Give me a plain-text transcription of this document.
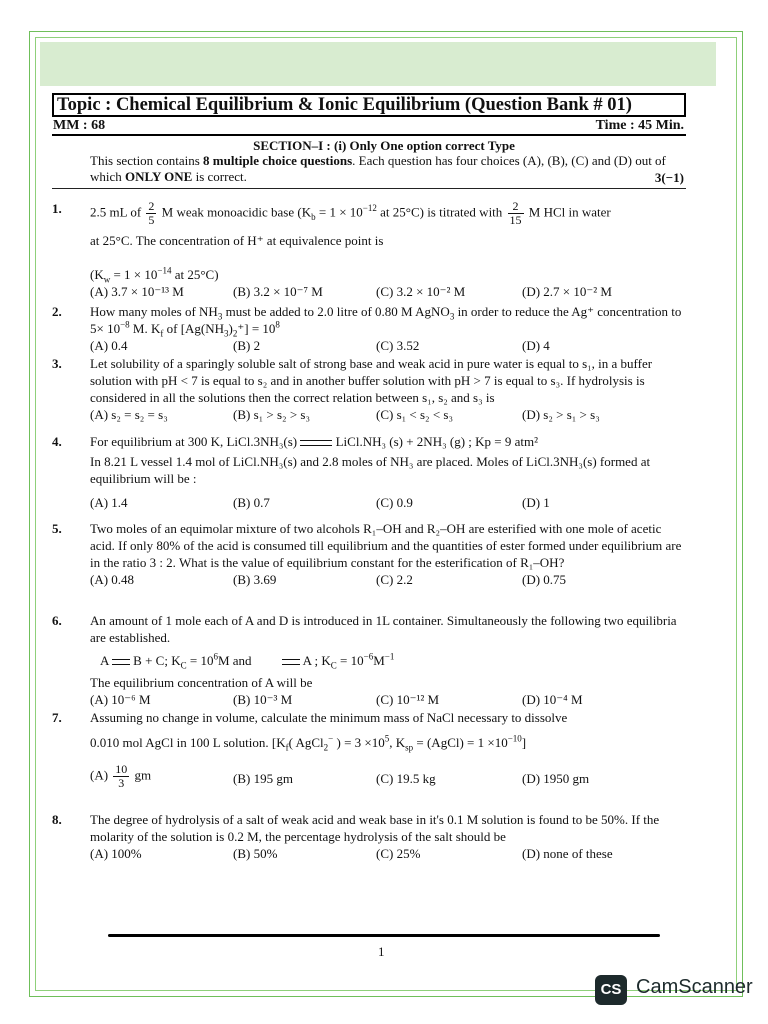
Topic : Chemical Equilibrium & Ionic Equilibrium (Question Bank # 01)
MM : 68	Time : 45 Min.
SECTION–I : (i) Only One option correct Type
This section contains 8 multiple choice questions. Each question has four choices (A), (B), (C) and (D) out of which ONLY ONE is correct.	3(−1)
1. 2.5 mL of $\frac{2}{5}$ M weak monoacidic base ($K_b = 1 \times 10^{-12}$ at 25°C) is titrated with $\frac{2}{15}$ M HCl in water
at 25°C. The concentration of H⁺ at equivalence point is
($K_w = 1 \times 10^{-14}$ at 25°C)
(A) 3.7 × 10⁻¹³ M	(B) 3.2 × 10⁻⁷ M	(C) 3.2 × 10⁻² M	(D) 2.7 × 10⁻² M
2. How many moles of $NH_3$ must be added to 2.0 litre of 0.80 M AgNO$_3$ in order to reduce the Ag⁺ concentration to $5\times 10^{-8}$ M. $K_f$ of $[Ag(NH_3)_2^+] = 10^8$
(A) 0.4	(B) 2	(C) 3.52	(D) 4
3. Let solubility of a sparingly soluble salt of strong base and weak acid in pure water is equal to s₁, in a buffer solution with pH < 7 is equal to s₂ and in another buffer solution with pH > 7 is equal to s₃. If hydrolysis is considered in all the solutions then the correct relation between s₁, s₂ and s₃ is
(A) s₂ = s₂ = s₃	(B) s₁ > s₂ > s₃	(C) s₁ < s₂ < s₃	(D) s₂ > s₁ > s₃
4. For equilibrium at 300 K, LiCl.3NH₃(s)	LiCl.NH₃ (s) + 2NH₃ (g) ; Kp = 9 atm²
In 8.21 L vessel 1.4 mol of LiCl.NH₃(s) and 2.8 moles of NH₃ are placed. Moles of LiCl.3NH₃(s) formed at equilibrium will be :
(A) 1.4	(B) 0.7	(C) 0.9	(D) 1
5. Two moles of an equimolar mixture of two alcohols R₁–OH and R₂–OH are esterified with one mole of acetic acid. If only 80% of the acid is consumed till equilibrium and the quantities of ester formed under equilibrium are in the ratio 3 : 2. What is the value of equilibrium constant for the esterification of R₁–OH?
(A) 0.48	(B) 3.69	(C) 2.2	(D) 0.75
6. An amount of 1 mole each of A and D is introduced in 1L container. Simultaneously the following two equilibria are established.
A B + C; $K_C = 10^6M$ and	A ; $K_C = 10^{-6}M^{-1}$
The equilibrium concentration of A will be
(A) 10⁻⁶ M	(B) 10⁻³ M	(C) 10⁻¹² M	(D) 10⁻⁴ M
7. Assuming no change in volume, calculate the minimum mass of NaCl necessary to dissolve
0.010 mol AgCl in 100 L solution. [$K_f$( AgCl$_2$− ) = $3 \times 10^5$, $K_{sp}$ = (AgCl) = $1 \times 10^{-10}$]
$(A) \frac{10}{3}$ gm	(B) 195 gm	(C) 19.5 kg	(D) 1950 gm
8. The degree of hydrolysis of a salt of weak acid and weak base in it's 0.1 M solution is found to be 50%. If the molarity of the solution is 0.2 M, the percentage hydrolysis of the salt should be
(A) 100%	(B) 50%	(C) 25%	(D) none of these
1
CS CamScanner
